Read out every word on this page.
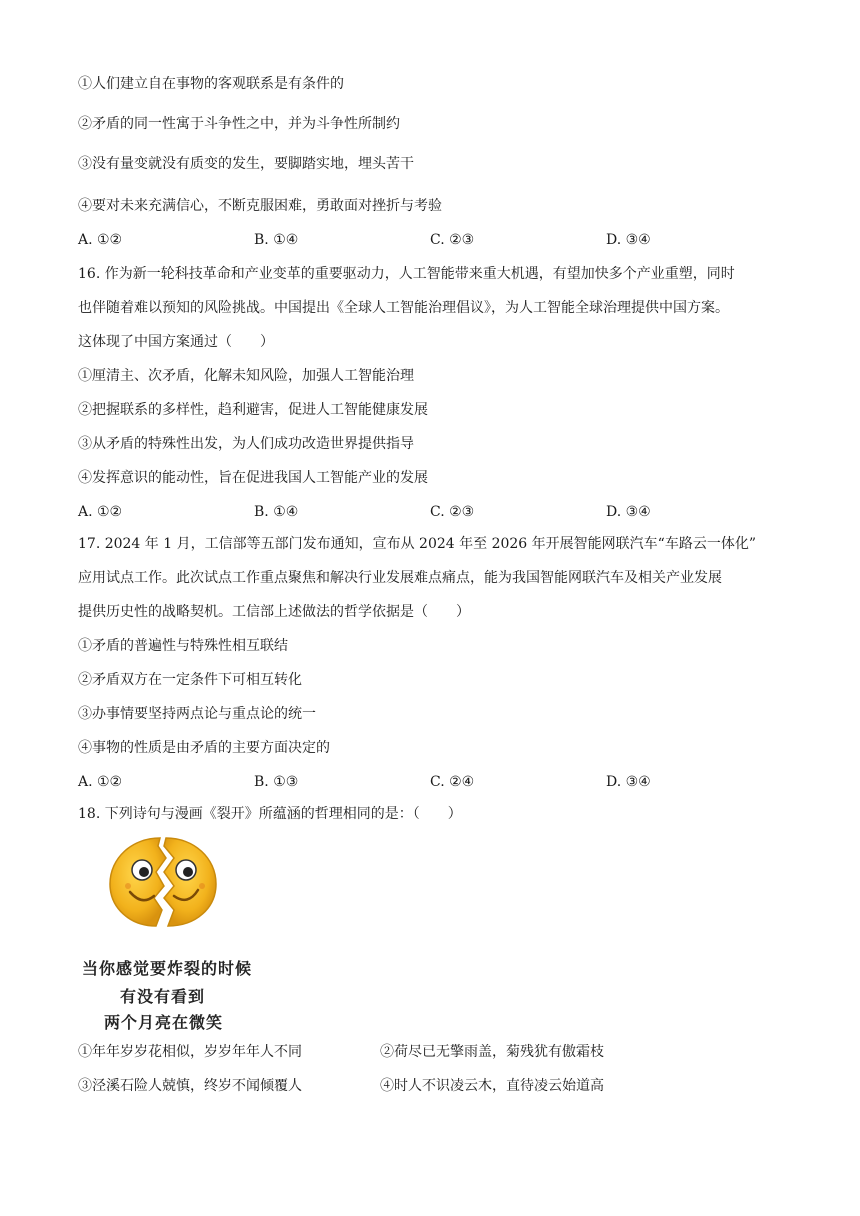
①人们建立自在事物的客观联系是有条件的
②矛盾的同一性寓于斗争性之中，并为斗争性所制约
③没有量变就没有质变的发生，要脚踏实地，埋头苦干
④要对未来充满信心，不断克服困难，勇敢面对挫折与考验
A. ①②	B. ①④	C. ②③	D. ③④
16. 作为新一轮科技革命和产业变革的重要驱动力，人工智能带来重大机遇，有望加快多个产业重塑，同时
也伴随着难以预知的风险挑战。中国提出《全球人工智能治理倡议》，为人工智能全球治理提供中国方案。
这体现了中国方案通过（　　）
①厘清主、次矛盾，化解未知风险，加强人工智能治理
②把握联系的多样性，趋利避害，促进人工智能健康发展
③从矛盾的特殊性出发，为人们成功改造世界提供指导
④发挥意识的能动性，旨在促进我国人工智能产业的发展
A. ①②	B. ①④	C. ②③	D. ③④
17. 2024 年 1 月，工信部等五部门发布通知，宣布从 2024 年至 2026 年开展智能网联汽车“车路云一体化”
应用试点工作。此次试点工作重点聚焦和解决行业发展难点痛点，能为我国智能网联汽车及相关产业发展
提供历史性的战略契机。工信部上述做法的哲学依据是（　　）
①矛盾的普遍性与特殊性相互联结
②矛盾双方在一定条件下可相互转化
③办事情要坚持两点论与重点论的统一
④事物的性质是由矛盾的主要方面决定的
A. ①②	B. ①③	C. ②④	D. ③④
18. 下列诗句与漫画《裂开》所蕴涵的哲理相同的是：（　　）
当你感觉要炸裂的时候
有没有看到
两个月亮在微笑
①年年岁岁花相似，岁岁年年人不同	②荷尽已无擎雨盖，菊残犹有傲霜枝
③泾溪石险人兢慎，终岁不闻倾覆人	④时人不识凌云木，直待凌云始道高
